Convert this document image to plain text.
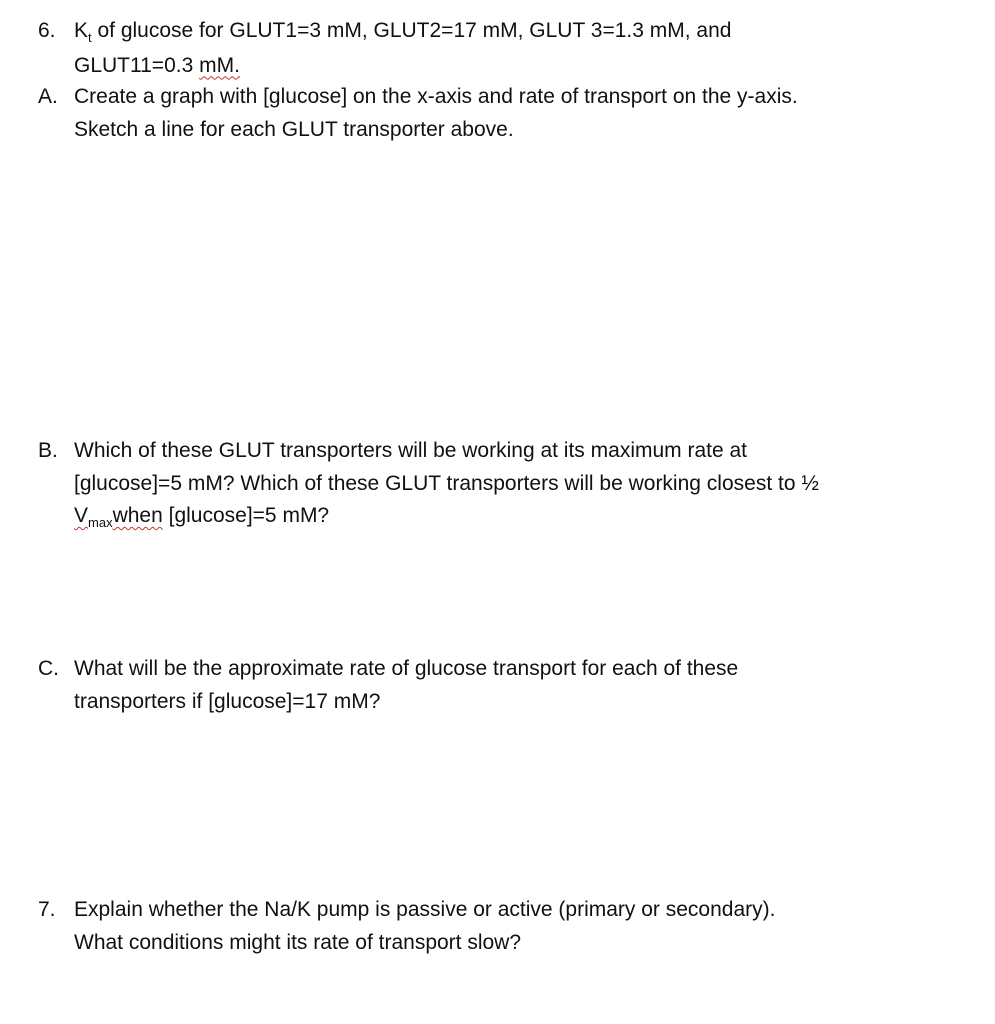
6. $K_t$ of glucose for GLUT1=3 mM, GLUT2=17 mM, GLUT 3=1.3 mM, and
GLUT11=0.3 mM.
A. Create a graph with [glucose] on the x-axis and rate of transport on the y-axis.
Sketch a line for each GLUT transporter above.
B. Which of these GLUT transporters will be working at its maximum rate at
[glucose]=5 mM? Which of these GLUT transporters will be working closest to ½
$V_{max}when$ [glucose]=5 mM?
C. What will be the approximate rate of glucose transport for each of these
transporters if [glucose]=17 mM?
7. Explain whether the Na/K pump is passive or active (primary or secondary).
What conditions might its rate of transport slow?
